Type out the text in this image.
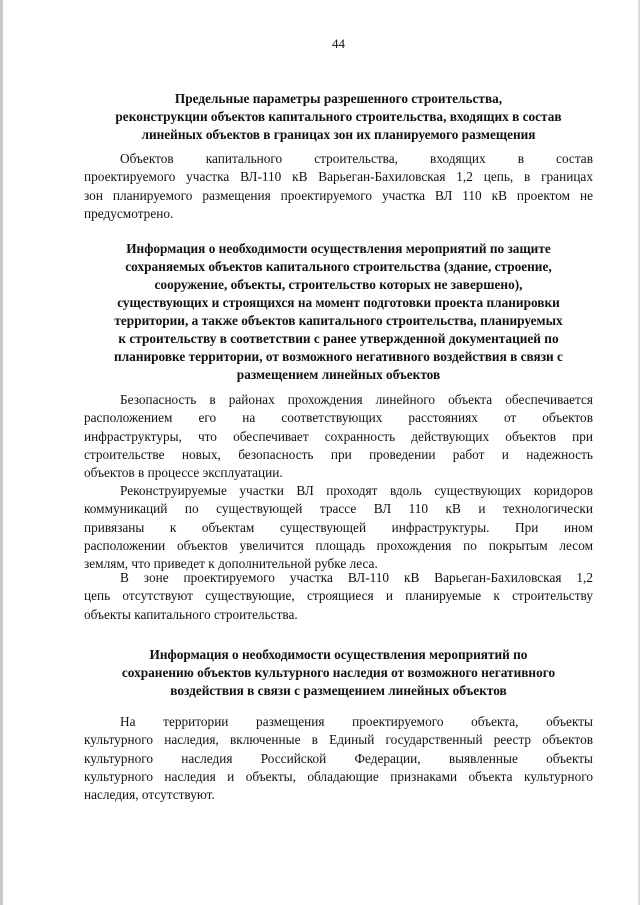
44
Предельные параметры разрешенного строительства,
реконструкции объектов капитального строительства, входящих в состав
линейных объектов в границах зон их планируемого размещения
Объектов капитального строительства, входящих в состав
проектируемого участка ВЛ-110 кВ Варьеган-Бахиловская 1,2 цепь, в границах
зон планируемого размещения проектируемого участка ВЛ 110 кВ проектом не
предусмотрено.
Информация о необходимости осуществления мероприятий по защите
сохраняемых объектов капитального строительства (здание, строение,
сооружение, объекты, строительство которых не завершено),
существующих и строящихся на момент подготовки проекта планировки
территории, а также объектов капитального строительства, планируемых
к строительству в соответствии с ранее утвержденной документацией по
планировке территории, от возможного негативного воздействия в связи с
размещением линейных объектов
Безопасность в районах прохождения линейного объекта обеспечивается
расположением его на соответствующих расстояниях от объектов
инфраструктуры, что обеспечивает сохранность действующих объектов при
строительстве новых, безопасность при проведении работ и надежность
объектов в процессе эксплуатации.
Реконструируемые участки ВЛ проходят вдоль существующих коридоров
коммуникаций по существующей трассе ВЛ 110 кВ и технологически
привязаны к объектам существующей инфраструктуры. При ином
расположении объектов увеличится площадь прохождения по покрытым лесом
землям, что приведет к дополнительной рубке леса.
В зоне проектируемого участка ВЛ-110 кВ Варьеган-Бахиловская 1,2
цепь отсутствуют существующие, строящиеся и планируемые к строительству
объекты капитального строительства.
Информация о необходимости осуществления мероприятий по
сохранению объектов культурного наследия от возможного негативного
воздействия в связи с размещением линейных объектов
На территории размещения проектируемого объекта, объекты
культурного наследия, включенные в Единый государственный реестр объектов
культурного наследия Российской Федерации, выявленные объекты
культурного наследия и объекты, обладающие признаками объекта культурного
наследия, отсутствуют.
